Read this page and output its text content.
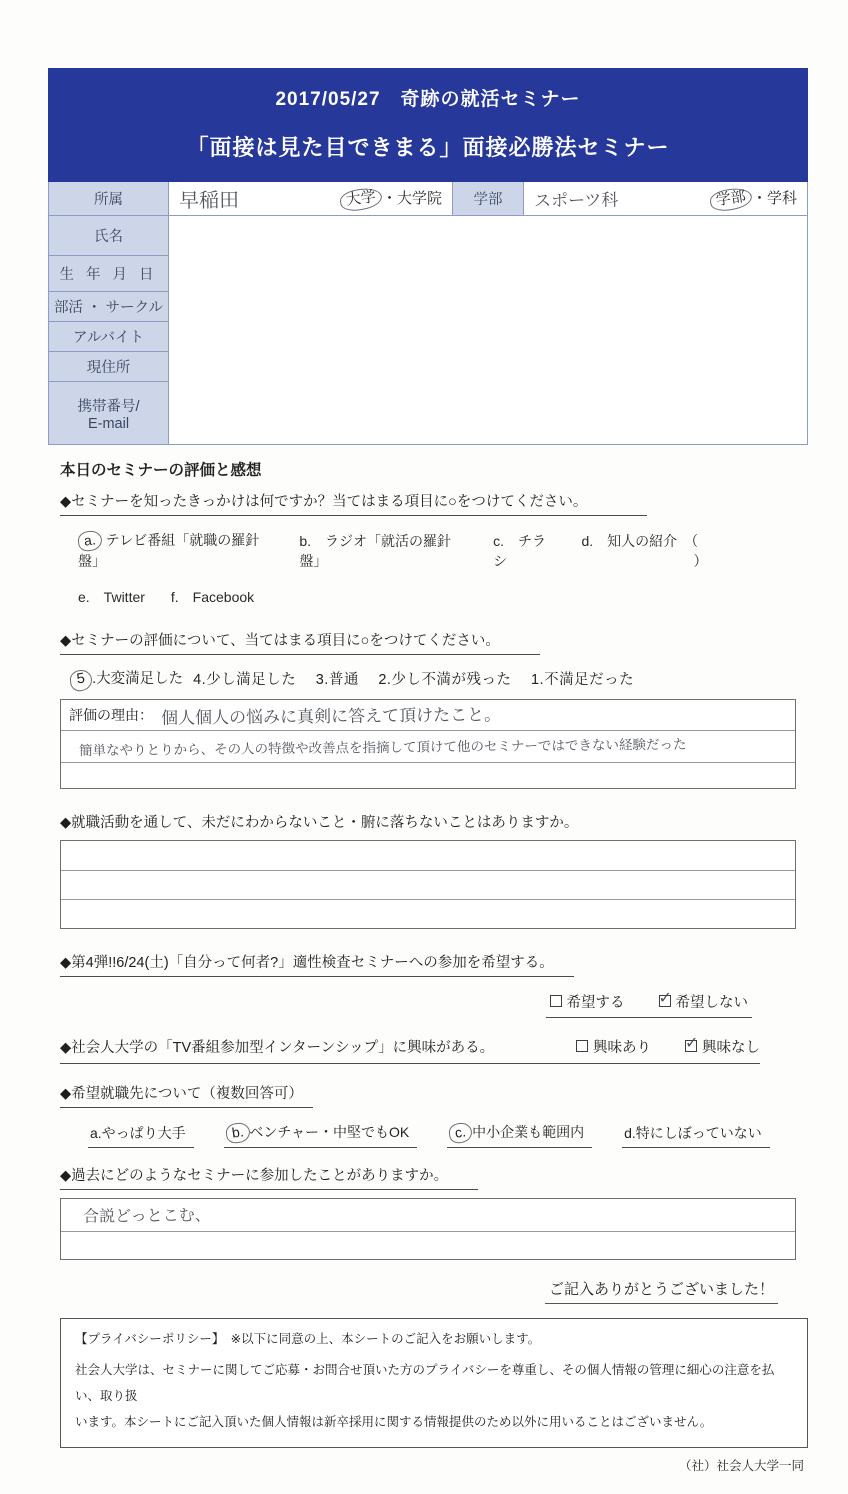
2017/05/27　奇跡の就活セミナー
「面接は見た目できまる」面接必勝法セミナー
所属	早稲田	大学 ・大学院	学部	スポーツ科	学部 ・学科
氏名
生 年 月 日
部活 ・ サークル
アルバイト
現住所
携帯番号/
E-mail
本日のセミナーの評価と感想
◆セミナーを知ったきっかけは何ですか？当てはまる項目に○をつけてください。
a. テレビ番組「就職の羅針盤」
b.　ラジオ「就活の羅針盤」
c.　チラシ
d.　知人の紹介　（）
e.　Twitter f.　Facebook
◆セミナーの評価について、当てはまる項目に○をつけてください。
5 .大変満足した 4.少し満足した　 3.普通　 2.少し不満が残った　 1.不満足だった
評価の理由： 個人個人の悩みに真剣に答えて頂けたこと。
簡単なやりとりから、その人の特徴や改善点を指摘して頂けて他のセミナーではできない経験だった
◆就職活動を通して、未だにわからないこと・腑に落ちないことはありますか。
◆第4弾!!6/24(土)「自分って何者?」適性検査セミナーへの参加を希望する。
希望する ✓ 希望しない
◆社会人大学の「TV番組参加型インターンシップ」に興味がある。	興味あり ✓ 興味なし
◆希望就職先について（複数回答可）
a.やっぱり大手	b. ベンチャー・中堅でもOK	c. 中小企業も範囲内	d.特にしぼっていない
◆過去にどのようなセミナーに参加したことがありますか。
合説どっとこむ、
ご記入ありがとうございました！
【プライバシーポリシー】　※以下に同意の上、本シートのご記入をお願いします。
社会人大学は、セミナーに関してご応募・お問合せ頂いた方のプライバシーを尊重し、その個人情報の管理に細心の注意を払い、取り扱
います。本シートにご記入頂いた個人情報は新卒採用に関する情報提供のため以外に用いることはございません。
（社）社会人大学一同
